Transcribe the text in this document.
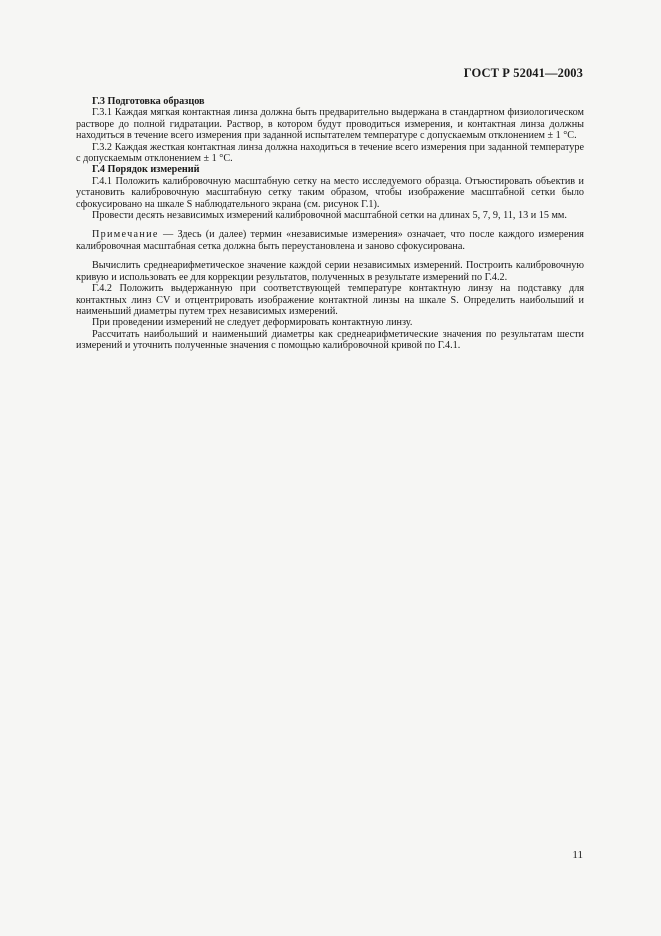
ГОСТ Р 52041—2003
Г.3 Подготовка образцов

Г.3.1 Каждая мягкая контактная линза должна быть предварительно выдержана в стандартном физиологическом растворе до полной гидратации. Раствор, в котором будут проводиться измерения, и контактная линза должны находиться в течение всего измерения при заданной испытателем температуре с допускаемым отклонением ± 1 °С.

Г.3.2 Каждая жесткая контактная линза должна находиться в течение всего измерения при заданной температуре с допускаемым отклонением ± 1 °С.

Г.4 Порядок измерений

Г.4.1 Положить калибровочную масштабную сетку на место исследуемого образца. Отъюстировать объектив и установить калибровочную масштабную сетку таким образом, чтобы изображение масштабной сетки было сфокусировано на шкале S наблюдательного экрана (см. рисунок Г.1).

Провести десять независимых измерений калибровочной масштабной сетки на длинах 5, 7, 9, 11, 13 и 15 мм.

Примечание — Здесь (и далее) термин «независимые измерения» означает, что после каждого измерения калибровочная масштабная сетка должна быть переустановлена и заново сфокусирована.

Вычислить среднеарифметическое значение каждой серии независимых измерений. Построить калибровочную кривую и использовать ее для коррекции результатов, полученных в результате измерений по Г.4.2.

Г.4.2 Положить выдержанную при соответствующей температуре контактную линзу на подставку для контактных линз CV и отцентрировать изображение контактной линзы на шкале S. Определить наибольший и наименьший диаметры путем трех независимых измерений.

При проведении измерений не следует деформировать контактную линзу.

Рассчитать наибольший и наименьший диаметры как среднеарифметические значения по результатам шести измерений и уточнить полученные значения с помощью калибровочной кривой по Г.4.1.

11
